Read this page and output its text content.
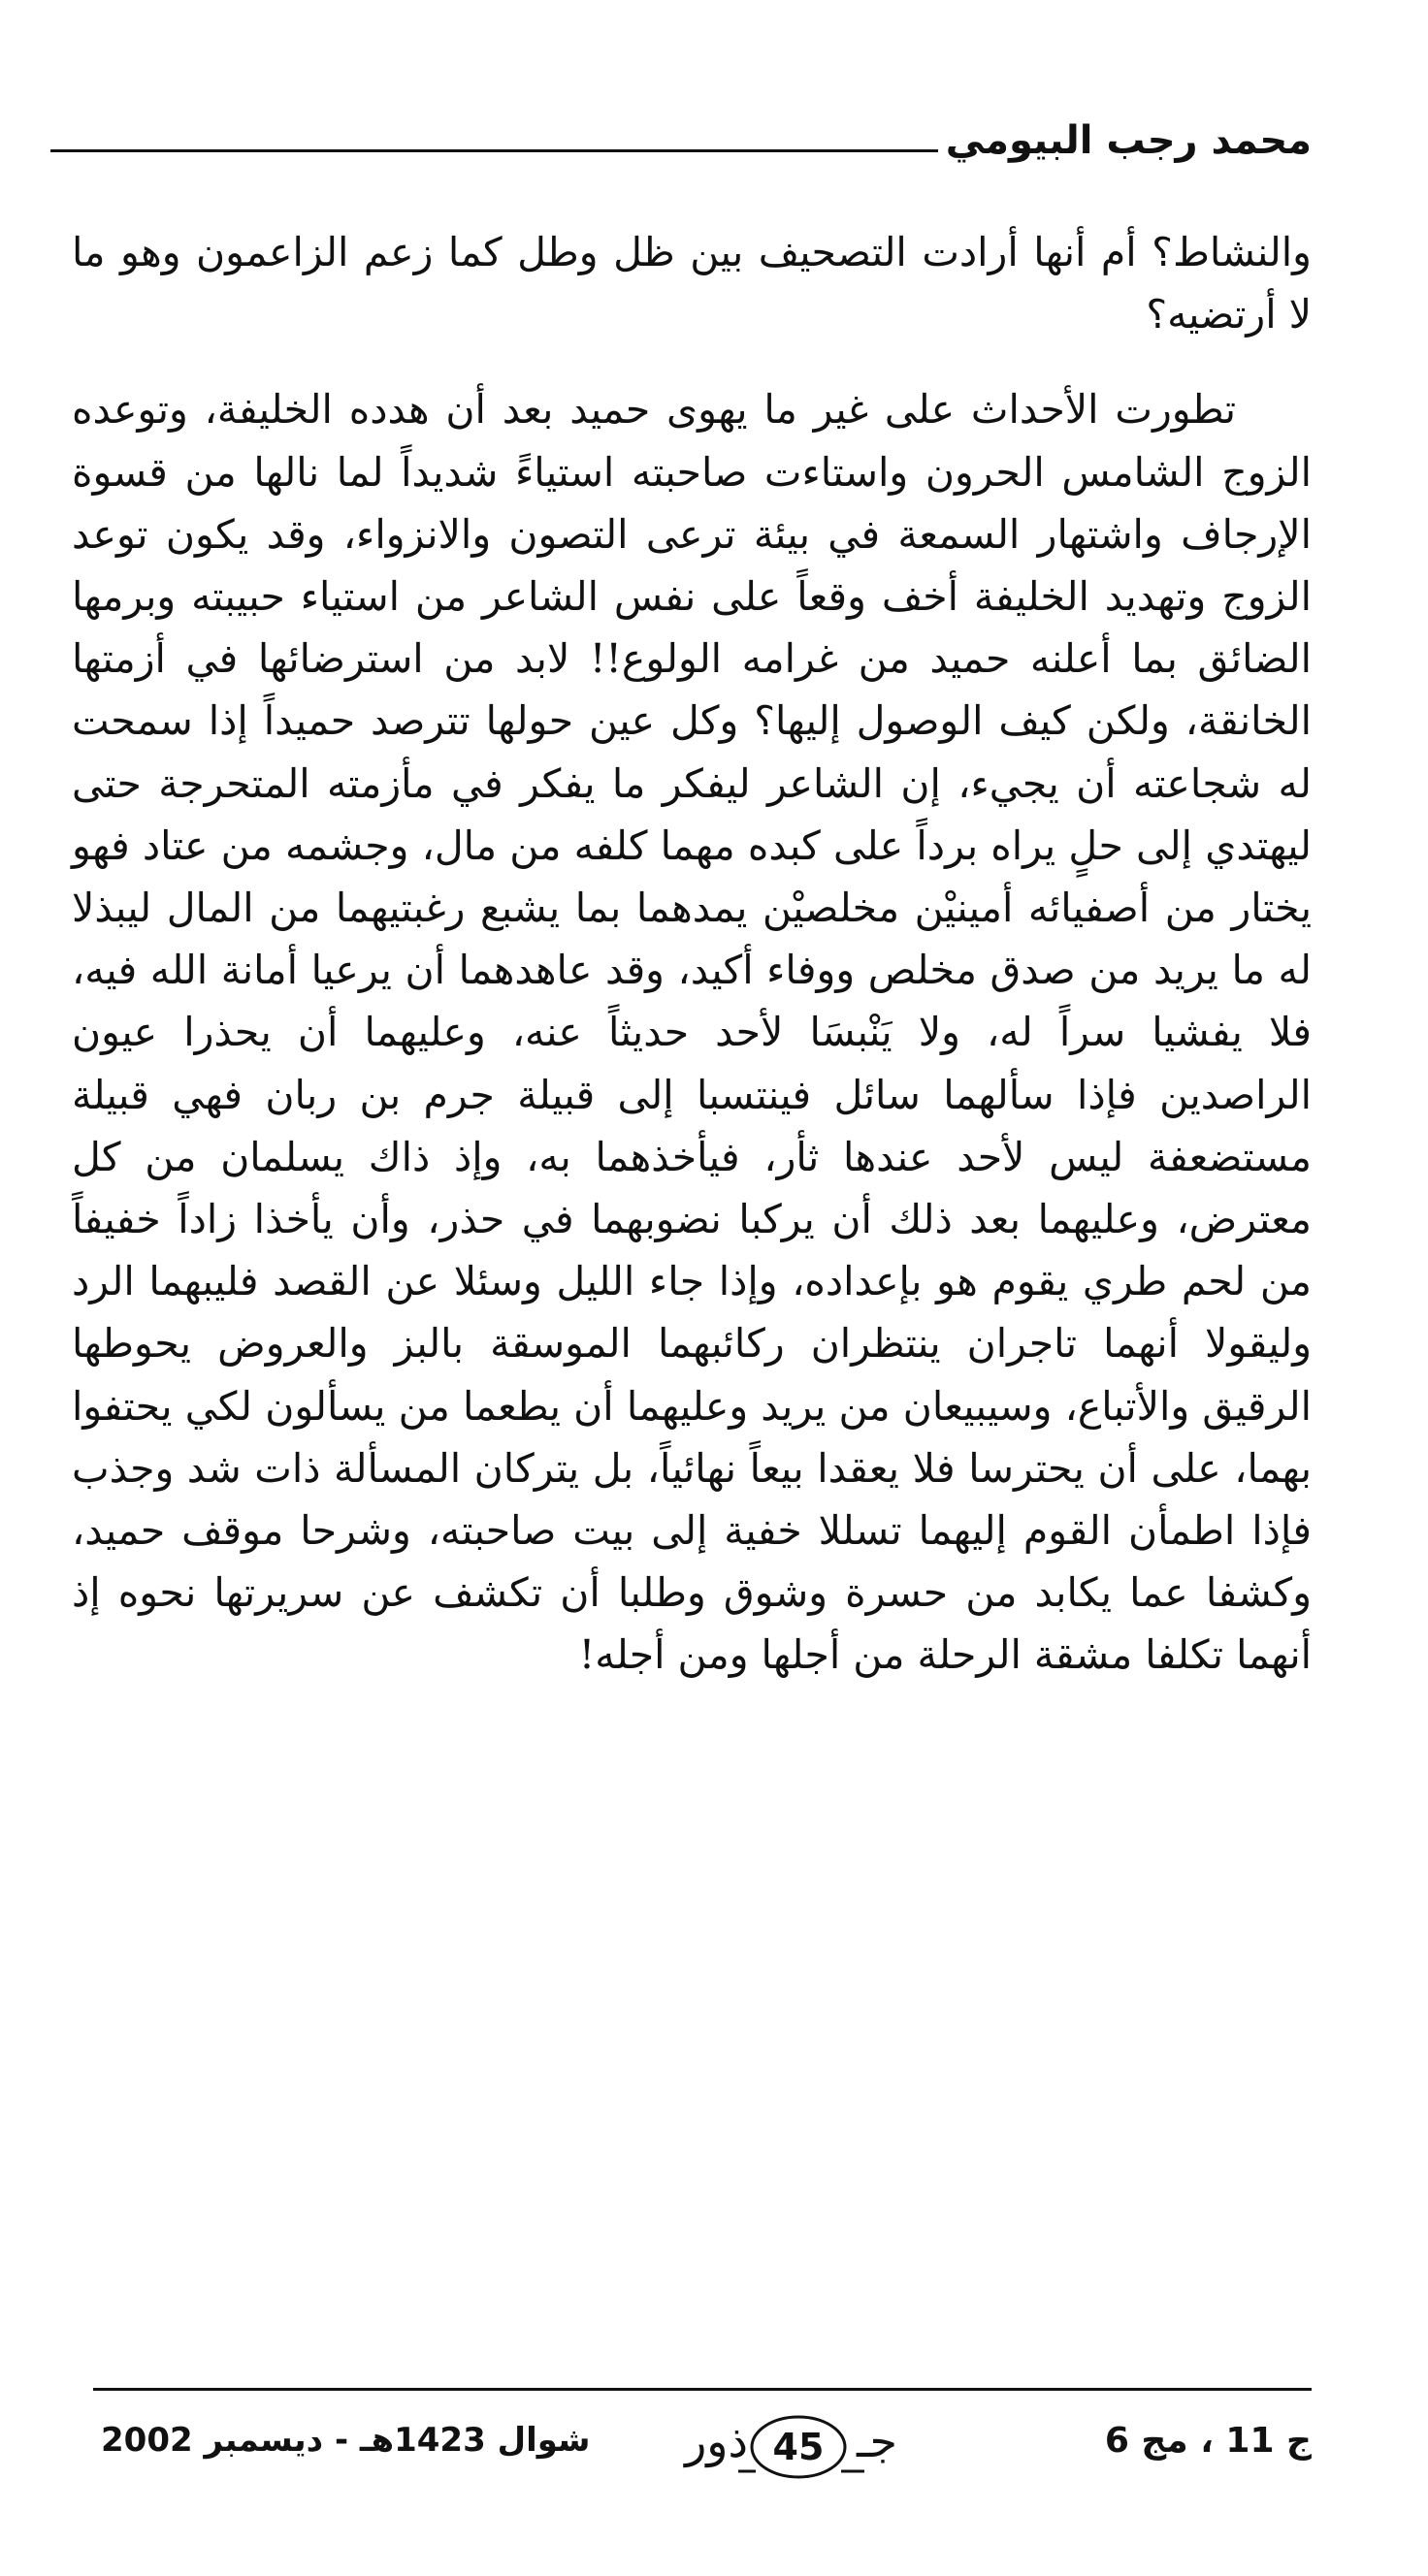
محمد رجب البيومي

والنشاط؟ أم أنها أرادت التصحيف بين ظل وطل كما زعم الزاعمون وهو ما لا أرتضيه؟

تطورت الأحداث على غير ما يهوى حميد بعد أن هدده الخليفة، وتوعده الزوج الشامس الحرون واستاءت صاحبته استياءً شديداً لما نالها من قسوة الإرجاف واشتهار السمعة في بيئة ترعى التصون والانزواء، وقد يكون توعد الزوج وتهديد الخليفة أخف وقعاً على نفس الشاعر من استياء حبيبته وبرمها الضائق بما أعلنه حميد من غرامه الولوع!! لابد من استرضائها في أزمتها الخانقة، ولكن كيف الوصول إليها؟ وكل عين حولها تترصد حميداً إذا سمحت له شجاعته أن يجيء، إن الشاعر ليفكر ما يفكر في مأزمته المتحرجة حتى ليهتدي إلى حلٍ يراه برداً على كبده مهما كلفه من مال، وجشمه من عتاد فهو يختار من أصفيائه أمينيْن مخلصيْن يمدهما بما يشبع رغبتيهما من المال ليبذلا له ما يريد من صدق مخلص ووفاء أكيد، وقد عاهدهما أن يرعيا أمانة الله فيه، فلا يفشيا سراً له، ولا يَنْبسَا لأحد حديثاً عنه، وعليهما أن يحذرا عيون الراصدين فإذا سألهما سائل فينتسبا إلى قبيلة جرم بن ربان فهي قبيلة مستضعفة ليس لأحد عندها ثأر، فيأخذهما به، وإذ ذاك يسلمان من كل معترض، وعليهما بعد ذلك أن يركبا نضوبهما في حذر، وأن يأخذا زاداً خفيفاً من لحم طري يقوم هو بإعداده، وإذا جاء الليل وسئلا عن القصد فليبهما الرد وليقولا أنهما تاجران ينتظران ركائبهما الموسقة بالبز والعروض يحوطها الرقيق والأتباع، وسيبيعان من يريد وعليهما أن يطعما من يسألون لكي يحتفوا بهما، على أن يحترسا فلا يعقدا بيعاً نهائياً، بل يتركان المسألة ذات شد وجذب فإذا اطمأن القوم إليهما تسللا خفية إلى بيت صاحبته، وشرحا موقف حميد، وكشفا عما يكابد من حسرة وشوق وطلبا أن تكشف عن سريرتها نحوه إذ أنهما تكلفا مشقة الرحلة من أجلها ومن أجله!

شوال 1423هـ - ديسمبر 2002	ذور 45 جـ	ج 11 ، مج 6
